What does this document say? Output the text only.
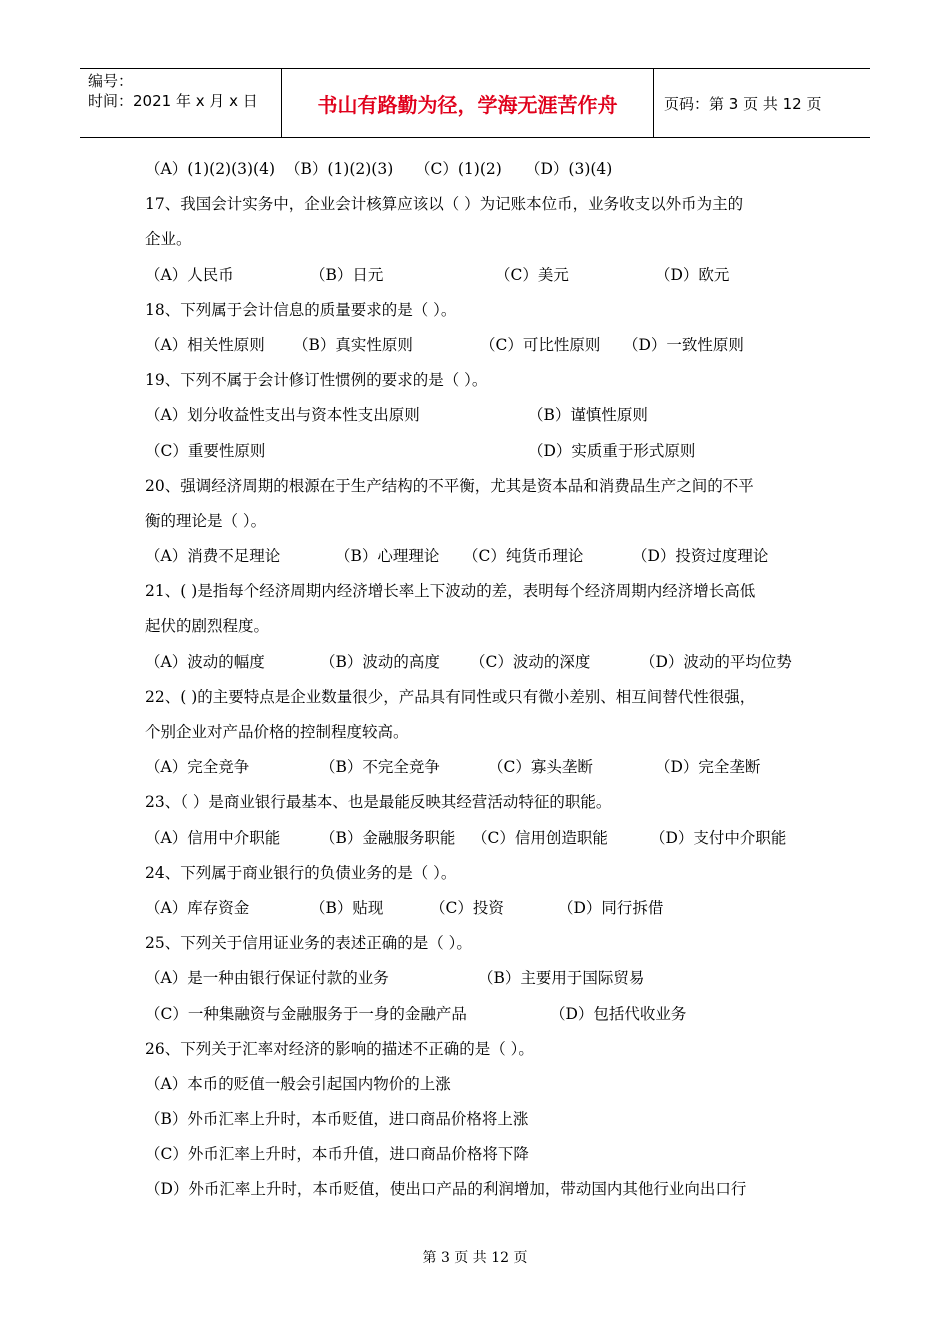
编号：
时间：2021 年 x 月 x 日	书山有路勤为径，学海无涯苦作舟	页码：第 3 页 共 12 页
（A）(1)(2)(3)(4) （B）(1)(2)(3) （C）(1)(2) （D）(3)(4)
17、我国会计实务中，企业会计核算应该以（ ）为记账本位币，业务收支以外币为主的
企业。
（A）人民币	（B）日元	（C）美元	（D）欧元
18、下列属于会计信息的质量要求的是（ ）。
（A）相关性原则 （B）真实性原则	（C）可比性原则 （D）一致性原则
19、下列不属于会计修订性惯例的要求的是（ ）。
（A）划分收益性支出与资本性支出原则	（B）谨慎性原则
（C）重要性原则	（D）实质重于形式原则
20、强调经济周期的根源在于生产结构的不平衡，尤其是资本品和消费品生产之间的不平
衡的理论是（ ）。
（A）消费不足理论	（B）心理理论 （C）纯货币理论	（D）投资过度理论
21、( )是指每个经济周期内经济增长率上下波动的差，表明每个经济周期内经济增长高低
起伏的剧烈程度。
（A）波动的幅度	（B）波动的高度 （C）波动的深度	（D）波动的平均位势
22、( )的主要特点是企业数量很少，产品具有同性或只有微小差别、相互间替代性很强，
个别企业对产品价格的控制程度较高。
（A）完全竞争	（B）不完全竞争	（C）寡头垄断	（D）完全垄断
23、（ ）是商业银行最基本、也是最能反映其经营活动特征的职能。
（A）信用中介职能	（B）金融服务职能 （C）信用创造职能	（D）支付中介职能
24、下列属于商业银行的负债业务的是（ ）。
（A）库存资金	（B）贴现	（C）投资	（D）同行拆借
25、下列关于信用证业务的表述正确的是（ ）。
（A）是一种由银行保证付款的业务	（B）主要用于国际贸易
（C）一种集融资与金融服务于一身的金融产品	（D）包括代收业务
26、下列关于汇率对经济的影响的描述不正确的是（ ）。
（A）本币的贬值一般会引起国内物价的上涨
（B）外币汇率上升时，本币贬值，进口商品价格将上涨
（C）外币汇率上升时，本币升值，进口商品价格将下降
（D）外币汇率上升时，本币贬值，使出口产品的利润增加，带动国内其他行业向出口行
第 3 页 共 12 页
